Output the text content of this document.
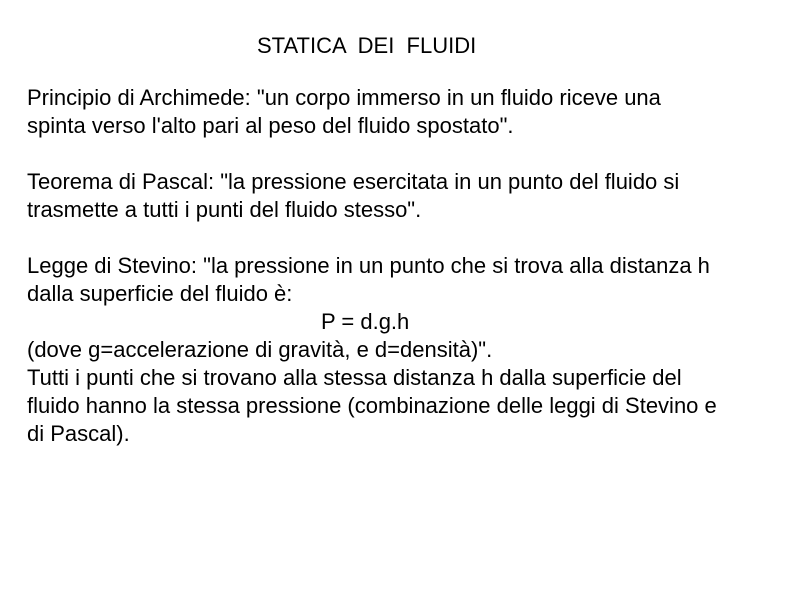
STATICA  DEI  FLUIDI
Principio di Archimede: "un corpo immerso in un fluido riceve una
spinta verso l'alto pari al peso del fluido spostato".
Teorema di Pascal: "la pressione esercitata in un punto del fluido si
trasmette a tutti i punti del fluido stesso".
Legge di Stevino: "la pressione in un punto che si trova alla distanza h
dalla superficie del fluido è:
P = d.g.h
(dove g=accelerazione di gravità, e d=densità)".
Tutti i punti che si trovano alla stessa distanza h dalla superficie del
fluido hanno la stessa pressione (combinazione delle leggi di Stevino e
di Pascal).
